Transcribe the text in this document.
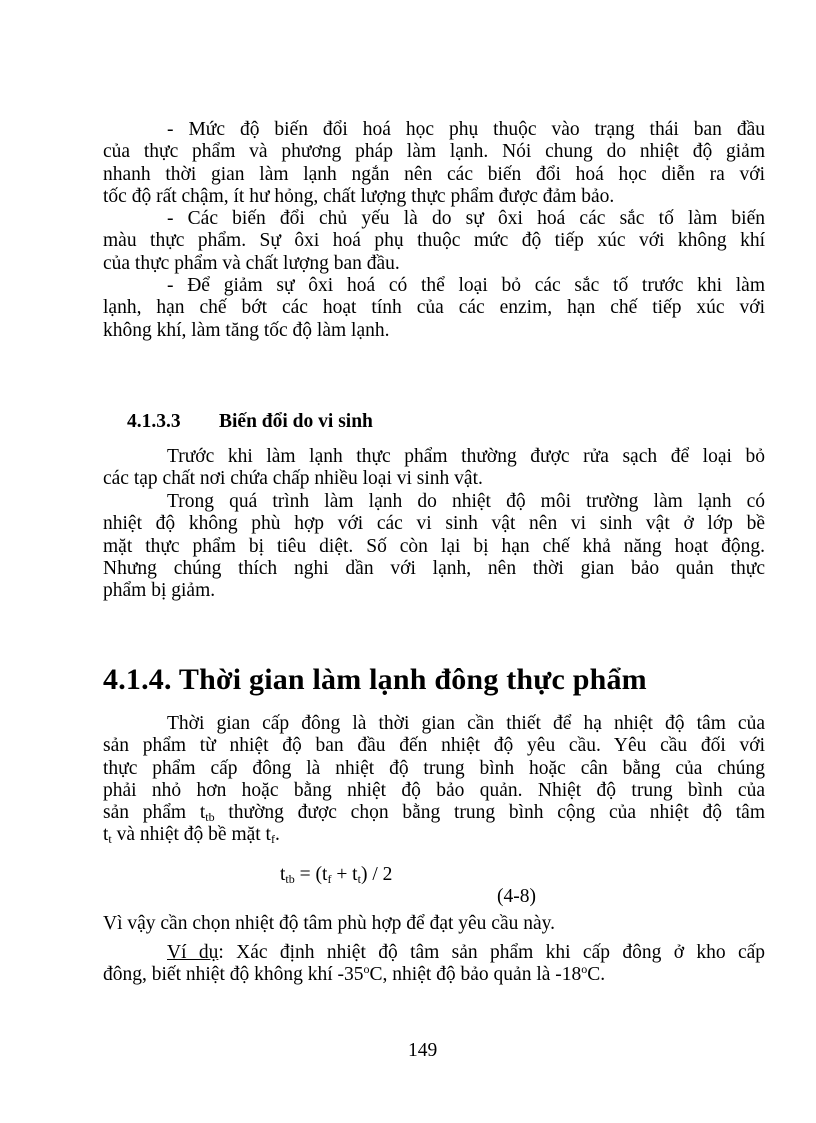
- Mức độ biến đổi hoá học phụ thuộc vào trạng thái ban đầu
của thực phẩm và phương pháp làm lạnh. Nói chung do nhiệt độ giảm
nhanh thời gian làm lạnh ngắn nên các biến đổi hoá học diễn ra với
tốc độ rất chậm, ít hư hỏng, chất lượng thực phẩm được đảm bảo.
- Các biến đổi chủ yếu là do sự ôxi hoá các sắc tố làm biến
màu thực phẩm. Sự ôxi hoá phụ thuộc mức độ tiếp xúc với không khí
của thực phẩm và chất lượng ban đầu.
- Để giảm sự ôxi hoá có thể loại bỏ các sắc tố trước khi làm
lạnh, hạn chế bớt các hoạt tính của các enzim, hạn chế tiếp xúc với
không khí, làm tăng tốc độ làm lạnh.
4.1.3.3 Biến đổi do vi sinh
Trước khi làm lạnh thực phẩm thường được rửa sạch để loại bỏ
các tạp chất nơi chứa chấp nhiều loại vi sinh vật.
Trong quá trình làm lạnh do nhiệt độ môi trường làm lạnh có
nhiệt độ không phù hợp với các vi sinh vật nên vi sinh vật ở lớp bề
mặt thực phẩm bị tiêu diệt. Số còn lại bị hạn chế khả năng hoạt động.
Nhưng chúng thích nghi dần với lạnh, nên thời gian bảo quản thực
phẩm bị giảm.
4.1.4. Thời gian làm lạnh đông thực phẩm
Thời gian cấp đông là thời gian cần thiết để hạ nhiệt độ tâm của
sản phẩm từ nhiệt độ ban đầu đến nhiệt độ yêu cầu. Yêu cầu đối với
thực phẩm cấp đông là nhiệt độ trung bình hoặc cân bằng của chúng
phải nhỏ hơn hoặc bằng nhiệt độ bảo quản. Nhiệt độ trung bình của
sản phẩm $t_{tb}$ thường được chọn bằng trung bình cộng của nhiệt độ tâm
$t_t$ và nhiệt độ bề mặt $t_f$.
$t_{tb} = (t_f + t_t) / 2$
(4-8)
Vì vậy cần chọn nhiệt độ tâm phù hợp để đạt yêu cầu này.
Ví dụ: Xác định nhiệt độ tâm sản phẩm khi cấp đông ở kho cấp
đông, biết nhiệt độ không khí -35$^o$C, nhiệt độ bảo quản là -18$^o$C.
149
